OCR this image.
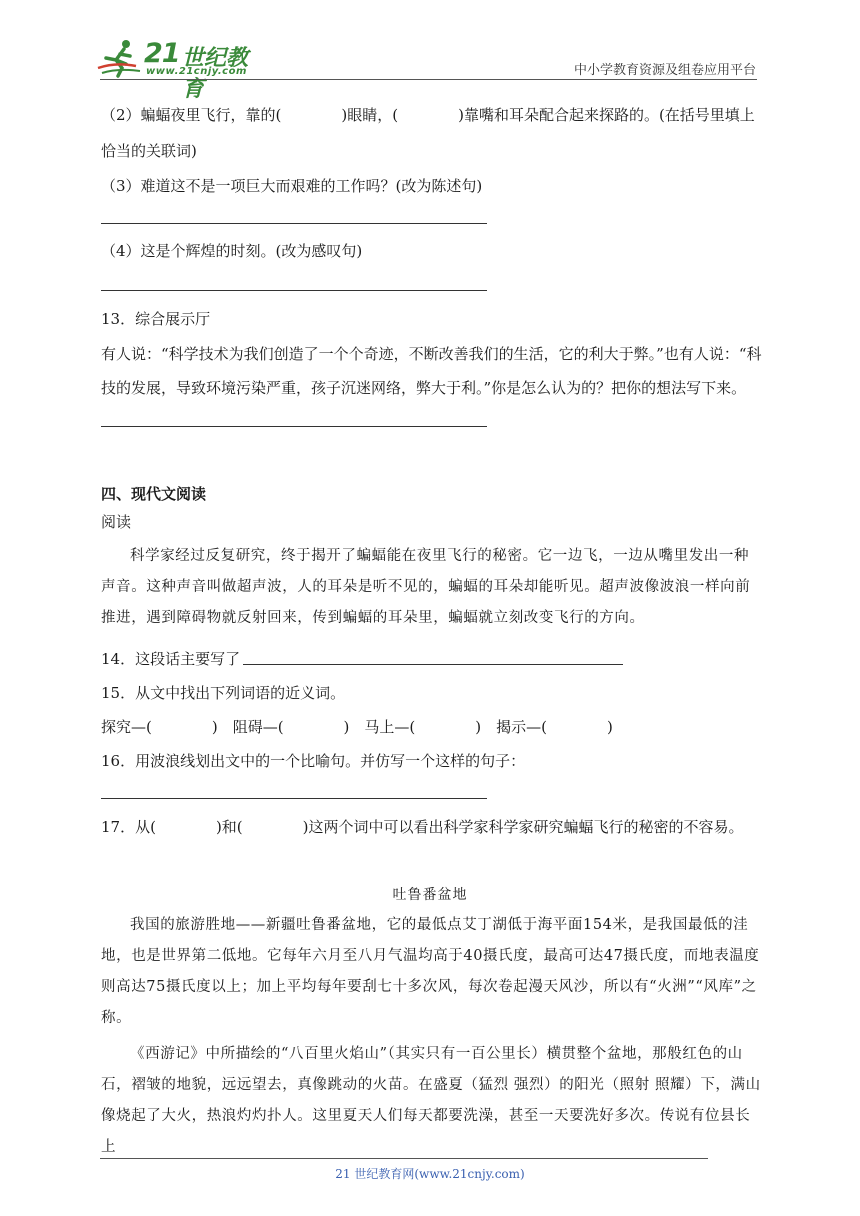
21 世纪教育
www.21cnjy.com	中小学教育资源及组卷应用平台
（2）蝙蝠夜里飞行，靠的(　　　　)眼睛，(　　　　)靠嘴和耳朵配合起来探路的。(在括号里填上
恰当的关联词)
（3）难道这不是一项巨大而艰难的工作吗？(改为陈述句)
（4）这是个辉煌的时刻。(改为感叹句)
13．综合展示厅
有人说：“科学技术为我们创造了一个个奇迹，不断改善我们的生活，它的利大于弊。”也有人说：“科
技的发展，导致环境污染严重，孩子沉迷网络，弊大于利。”你是怎么认为的？把你的想法写下来。
四、现代文阅读
阅读
科学家经过反复研究，终于揭开了蝙蝠能在夜里飞行的秘密。它一边飞，一边从嘴里发出一种声音。这种声音叫做超声波，人的耳朵是听不见的，蝙蝠的耳朵却能听见。超声波像波浪一样向前推进，遇到障碍物就反射回来，传到蝙蝠的耳朵里，蝙蝠就立刻改变飞行的方向。
14．这段话主要写了
15．从文中找出下列词语的近义词。
探究—(　　　　)　阻碍—(　　　　)　马上—(　　　　)　揭示—(　　　　)
16．用波浪线划出文中的一个比喻句。并仿写一个这样的句子：
17．从(　　　　)和(　　　　)这两个词中可以看出科学家科学家研究蝙蝠飞行的秘密的不容易。
吐鲁番盆地

我国的旅游胜地——新疆吐鲁番盆地，它的最低点艾丁湖低于海平面154米，是我国最低的洼地，也是世界第二低地。它每年六月至八月气温均高于40摄氏度，最高可达47摄氏度，而地表温度则高达75摄氏度以上；加上平均每年要刮七十多次风，每次卷起漫天风沙，所以有“火洲”“风库”之称。

《西游记》中所描绘的“八百里火焰山”（其实只有一百公里长）横贯整个盆地，那般红色的山石，褶皱的地貌，远远望去，真像跳动的火苗。在盛夏（猛烈 强烈）的阳光（照射 照耀）下，满山像烧起了大火，热浪灼灼扑人。这里夏天人们每天都要洗澡，甚至一天要洗好多次。传说有位县长上

21 世纪教育网(www.21cnjy.com)
